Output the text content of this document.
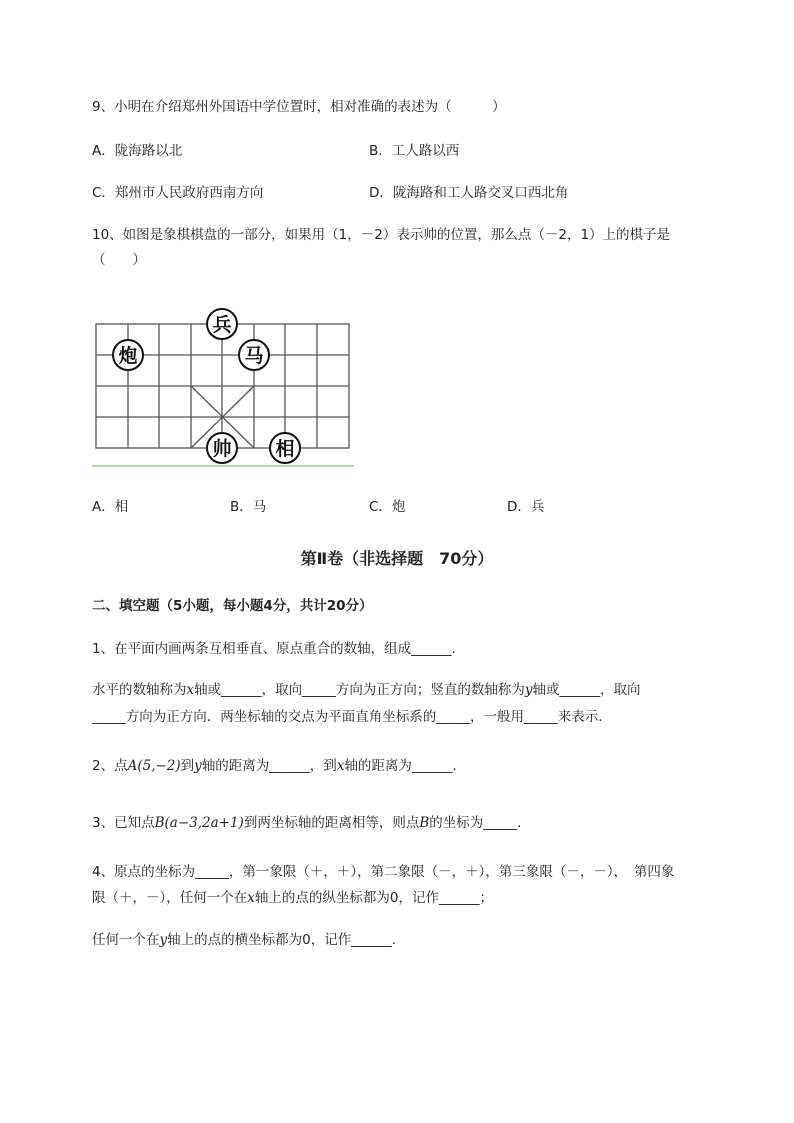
9、小明在介绍郑州外国语中学位置时，相对准确的表述为（　　　）
A．陇海路以北	B．工人路以西
C．郑州市人民政府西南方向	D．陇海路和工人路交叉口西北角
10、如图是象棋棋盘的一部分，如果用（1，－2）表示帅的位置，那么点（－2，1）上的棋子是
（　　）
兵
炮	马
帅 相
A．相	B．马	C．炮	D．兵
第Ⅱ卷（非选择题　70分）
二、填空题（5小题，每小题4分，共计20分）
1、在平面内画两条互相垂直、原点重合的数轴，组成______.
水平的数轴称为x轴或______，取向_____方向为正方向；竖直的数轴称为y轴或______，取向
_____方向为正方向．两坐标轴的交点为平面直角坐标系的_____，一般用_____来表示．
2、点A(5,−2)到y轴的距离为______，到x轴的距离为______.
3、已知点B(a−3,2a+1)到两坐标轴的距离相等，则点B的坐标为_____.
4、原点的坐标为_____，第一象限（＋，＋），第二象限（－，＋），第三象限（－，－），　第四象
限（＋，－），任何一个在x轴上的点的纵坐标都为0，记作______；
任何一个在y轴上的点的横坐标都为0，记作______.
